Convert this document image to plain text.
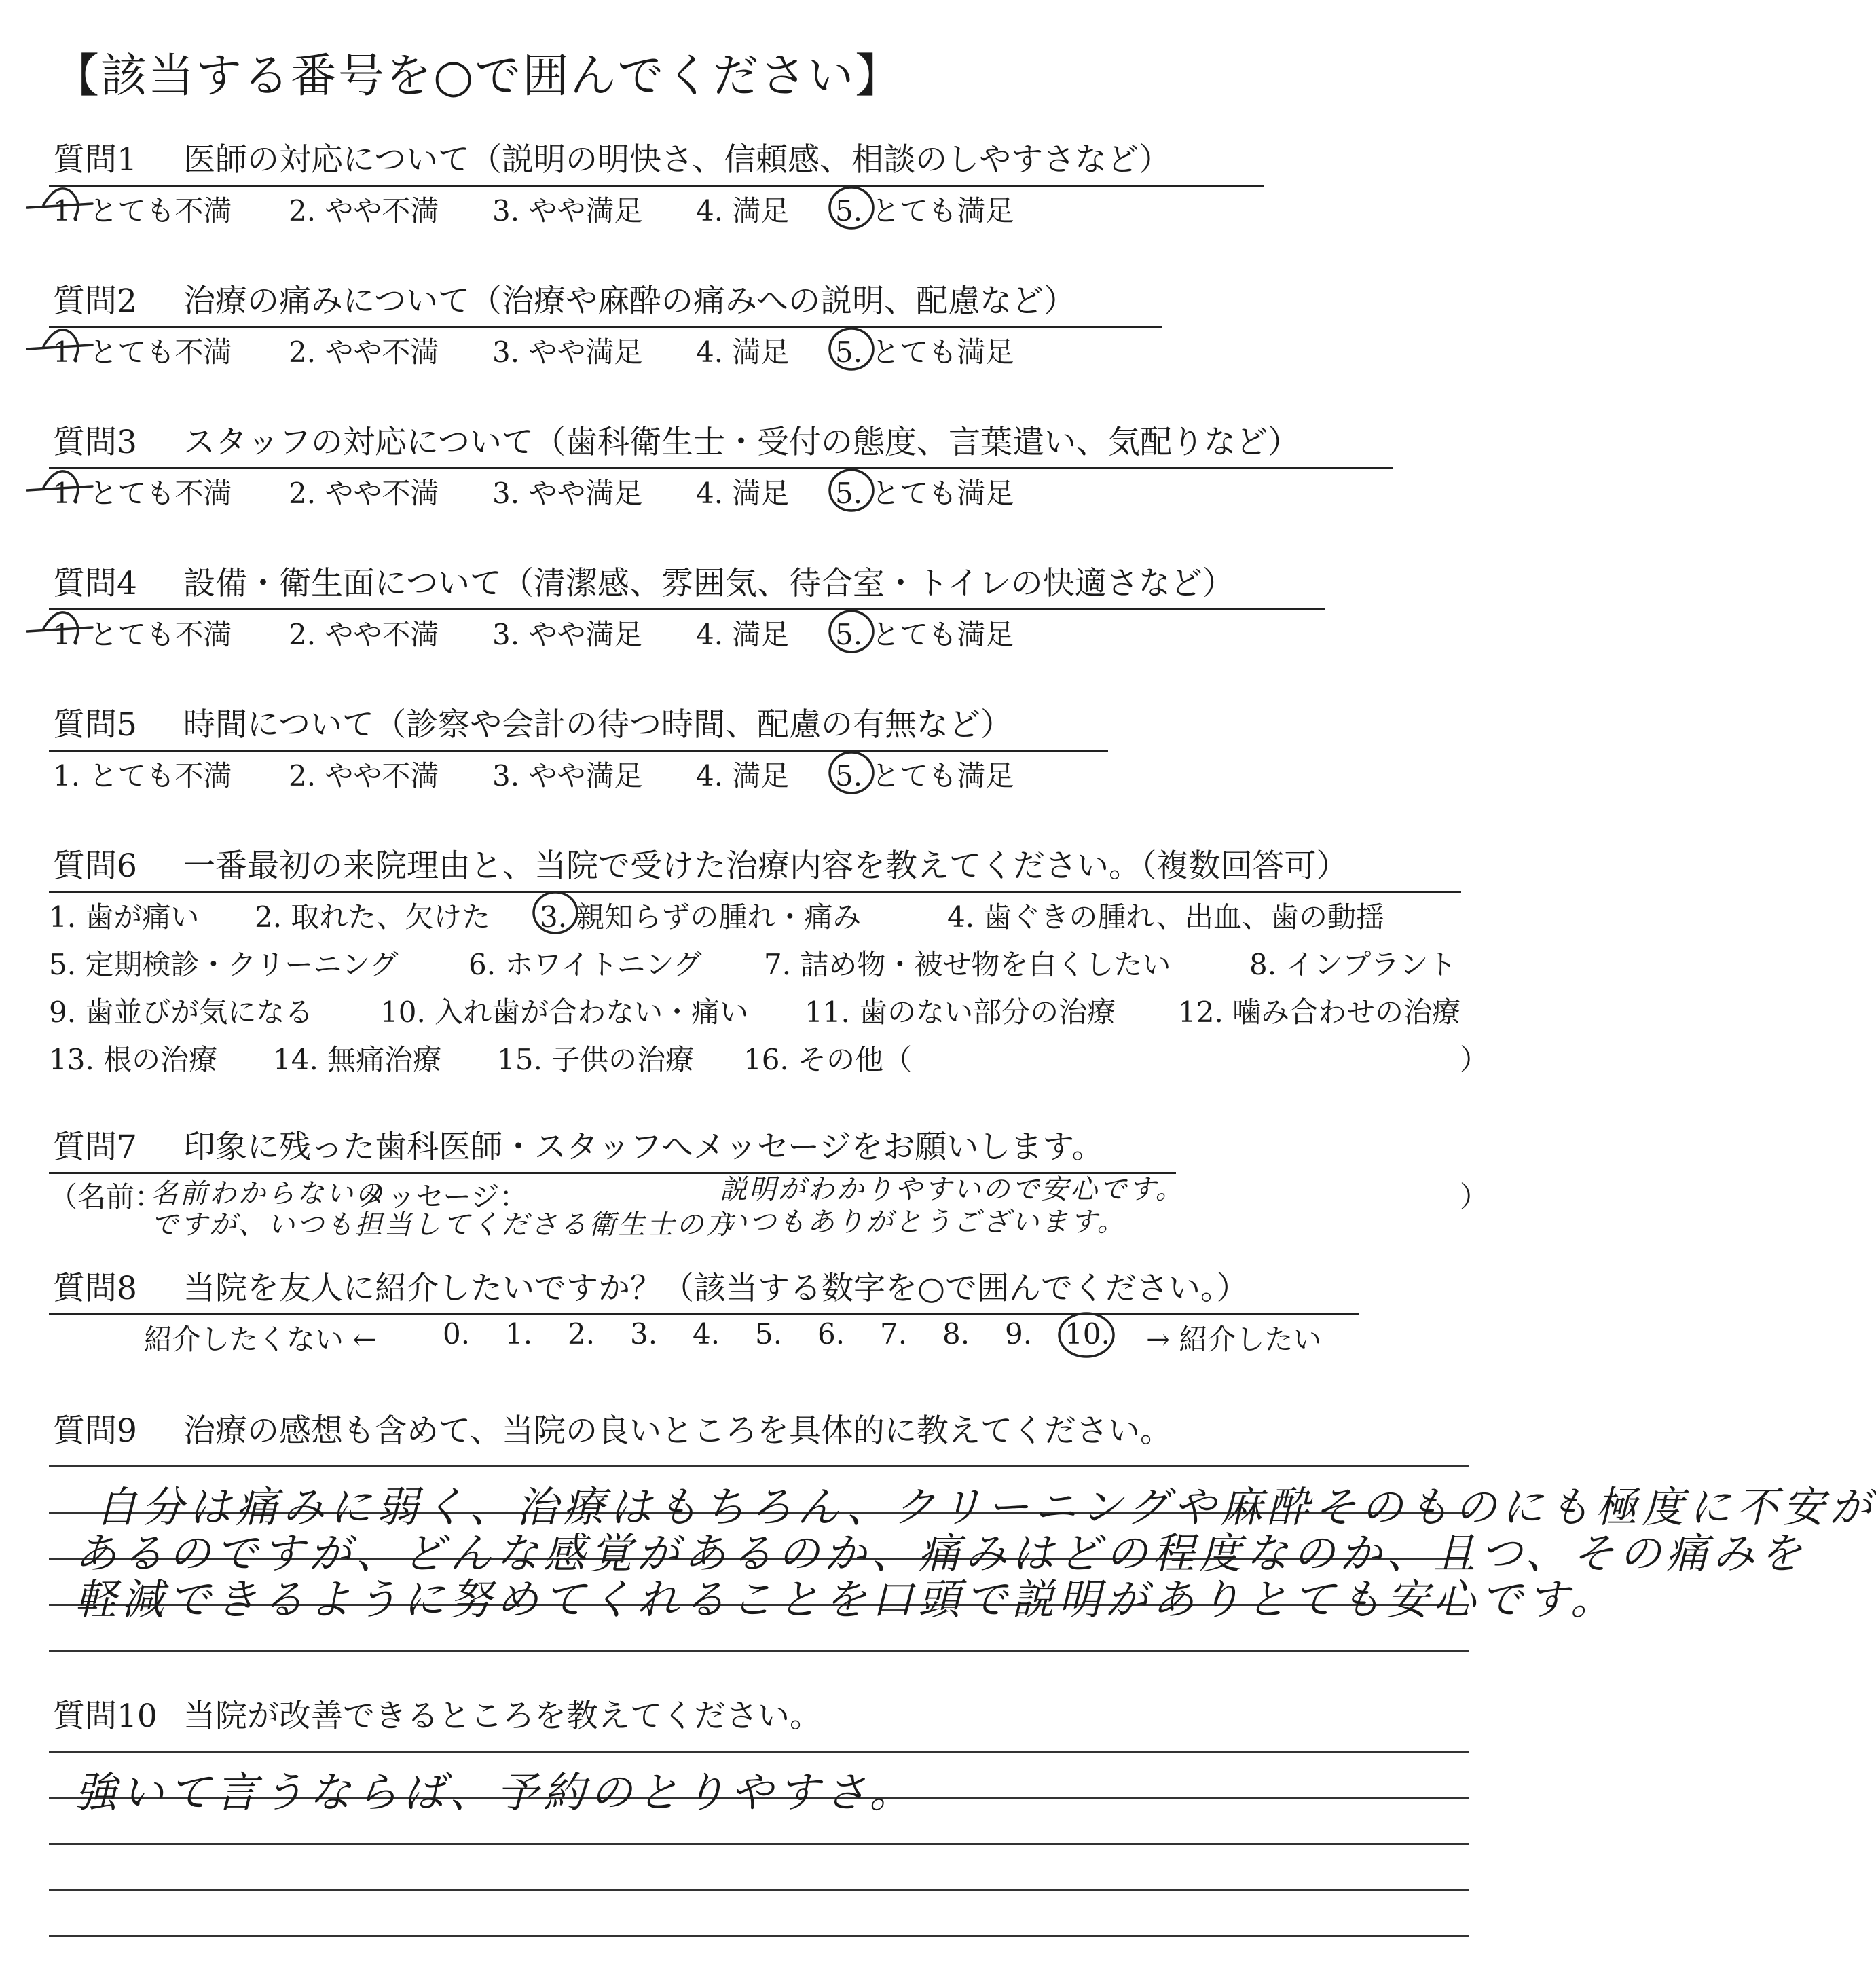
【該当する番号を○で囲んでください】
質問1 医師の対応について（説明の明快さ、信頼感、相談のしやすさなど）
1. とても不満 2. やや不満 3. やや満足 4. 満足 5. とても満足
質問2 治療の痛みについて（治療や麻酔の痛みへの説明、配慮など）
1. とても不満 2. やや不満 3. やや満足 4. 満足 5. とても満足
質問3 スタッフの対応について（歯科衛生士・受付の態度、言葉遣い、気配りなど）
1. とても不満 2. やや不満 3. やや満足 4. 満足 5. とても満足
質問4 設備・衛生面について（清潔感、雰囲気、待合室・トイレの快適さなど）
1. とても不満 2. やや不満 3. やや満足 4. 満足 5. とても満足
質問5 時間について（診察や会計の待つ時間、配慮の有無など）
1. とても不満 2. やや不満 3. やや満足 4. 満足 5. とても満足
質問6 一番最初の来院理由と、当院で受けた治療内容を教えてください。（複数回答可）
1. 歯が痛い 2. 取れた、欠けた 3. 親知らずの腫れ・痛み	4. 歯ぐきの腫れ、出血、歯の動揺
5. 定期検診・クリーニング 6. ホワイトニング 7. 詰め物・被せ物を白くしたい	8. インプラント
9. 歯並びが気になる 10. 入れ歯が合わない・痛い 11. 歯のない部分の治療 12. 噛み合わせの治療
13. 根の治療 14. 無痛治療 15. 子供の治療 16. その他（	）
質問7 印象に残った歯科医師・スタッフへメッセージをお願いします。
（名前：	メッセージ：	）
名前わからないの
ですが、いつも担当してくださる衛生士の方
説明がわかりやすいので安心です。
いつもありがとうございます。
質問8 当院を友人に紹介したいですか？（該当する数字を○で囲んでください。）
紹介したくない ← 0. 1. 2. 3. 4. 5. 6. 7. 8. 9. 10. → 紹介したい
質問9 治療の感想も含めて、当院の良いところを具体的に教えてください。
自分は痛みに弱く、治療はもちろん、クリーニングや麻酔そのものにも極度に不安が
あるのですが、どんな感覚があるのか、痛みはどの程度なのか、且つ、その痛みを
軽減できるように努めてくれることを口頭で説明がありとても安心です。
質問10 当院が改善できるところを教えてください。
強いて言うならば、予約のとりやすさ。
